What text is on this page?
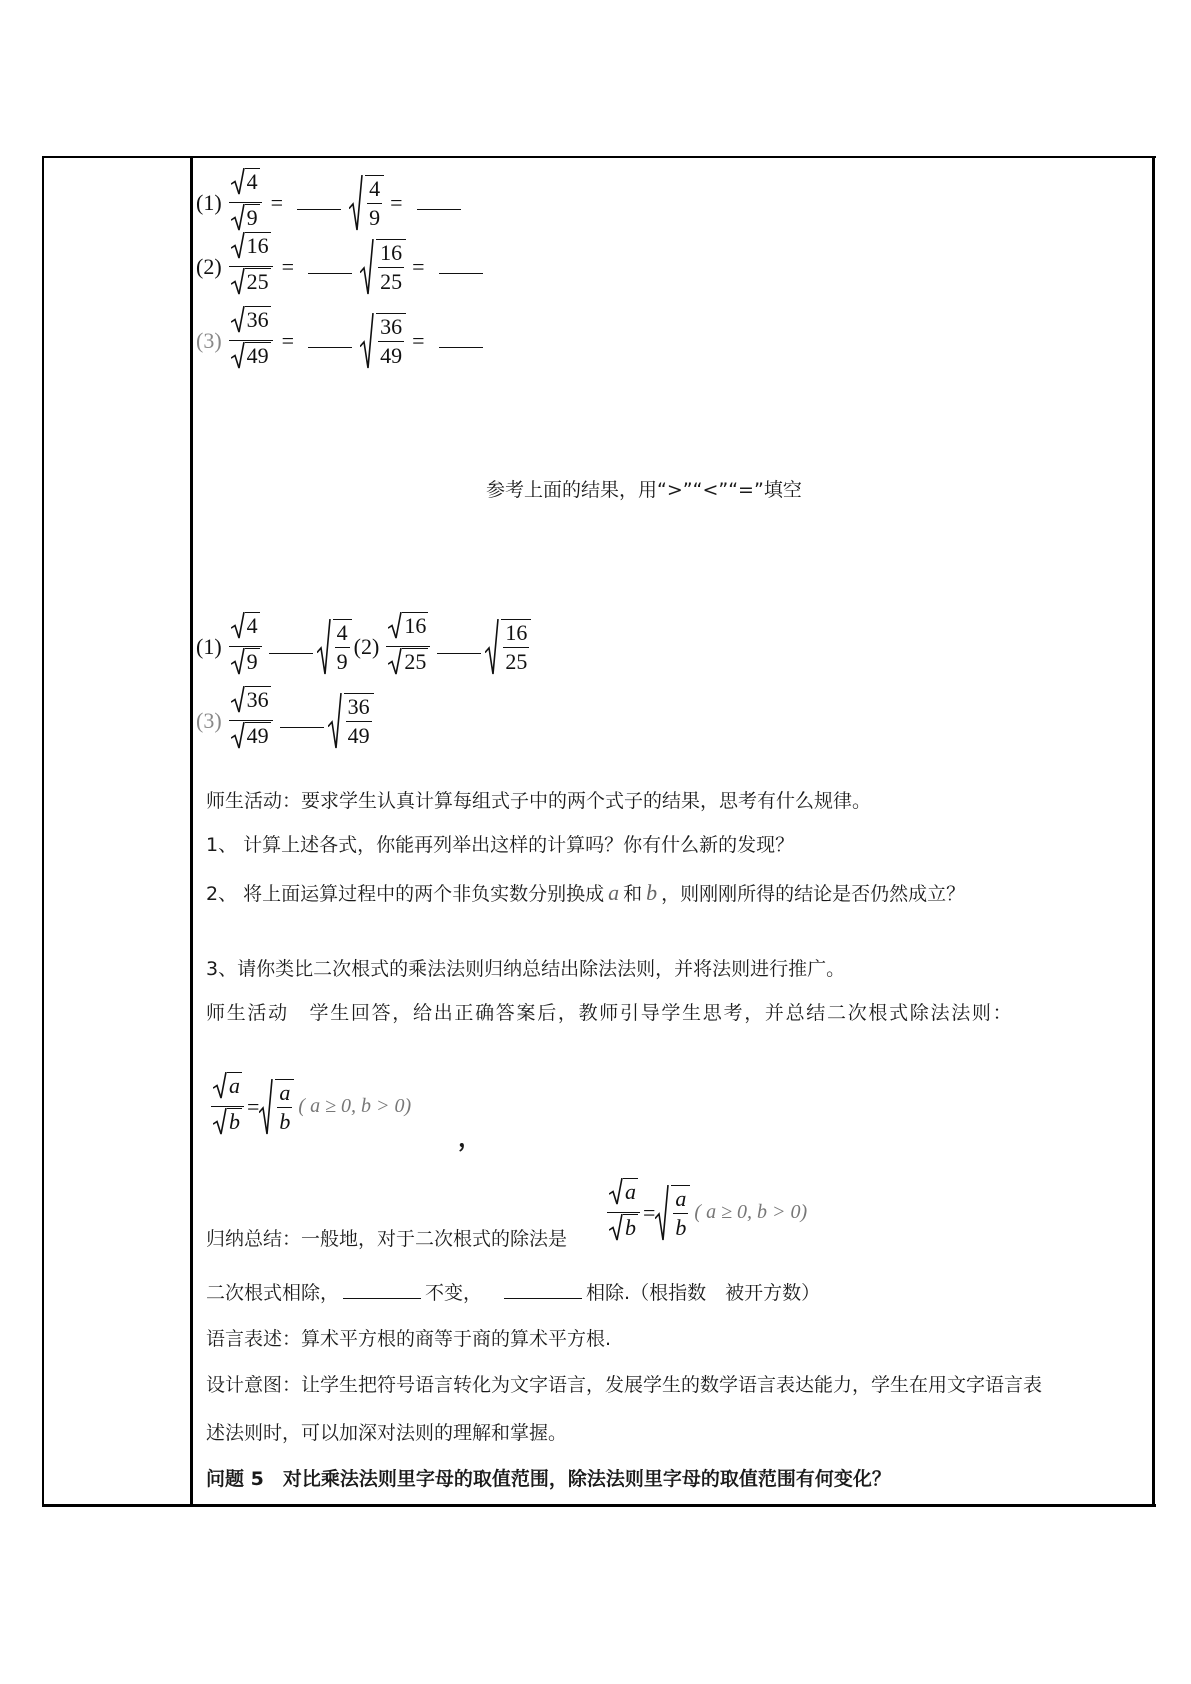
$(1) \frac{4}{9}$ =	$\frac{4}{9}$ =
$(2) \frac{16}{25}$ =	$\frac{16}{25}$ =
$(3) \frac{36}{49}$ =	$\frac{36}{49}$ =
参考上面的结果，用“>”“<”“=”填空
$(1) \frac{4}{9}$	$\frac{4}{9} (2) \frac{16}{25}$	$\frac{16}{25}$
$(3) \frac{36}{49}$	$\frac{36}{49}$
师生活动：要求学生认真计算每组式子中的两个式子的结果，思考有什么规律。
1、 计算上述各式，你能再列举出这样的计算吗？你有什么新的发现？
2、 将上面运算过程中的两个非负实数分别换成 a 和 b ，则刚刚所得的结论是否仍然成立？
3、请你类比二次根式的乘法法则归纳总结出除法法则，并将法则进行推广。
师生活动　学生回答，给出正确答案后，教师引导学生思考，并总结二次根式除法法则：
$\frac{a}{b} = \frac{a}{b}$ ( a ≥ 0, b > 0)
，
归纳总结：一般地，对于二次根式的除法是 $\frac{a}{b} = \frac{a}{b}$ ( a ≥ 0, b > 0)
二次根式相除，	不变，	相除.（根指数　被开方数）
语言表述：算术平方根的商等于商的算术平方根.
设计意图：让学生把符号语言转化为文字语言，发展学生的数学语言表达能力，学生在用文字语言表
述法则时，可以加深对法则的理解和掌握。
问题 5　对比乘法法则里字母的取值范围，除法法则里字母的取值范围有何变化？
